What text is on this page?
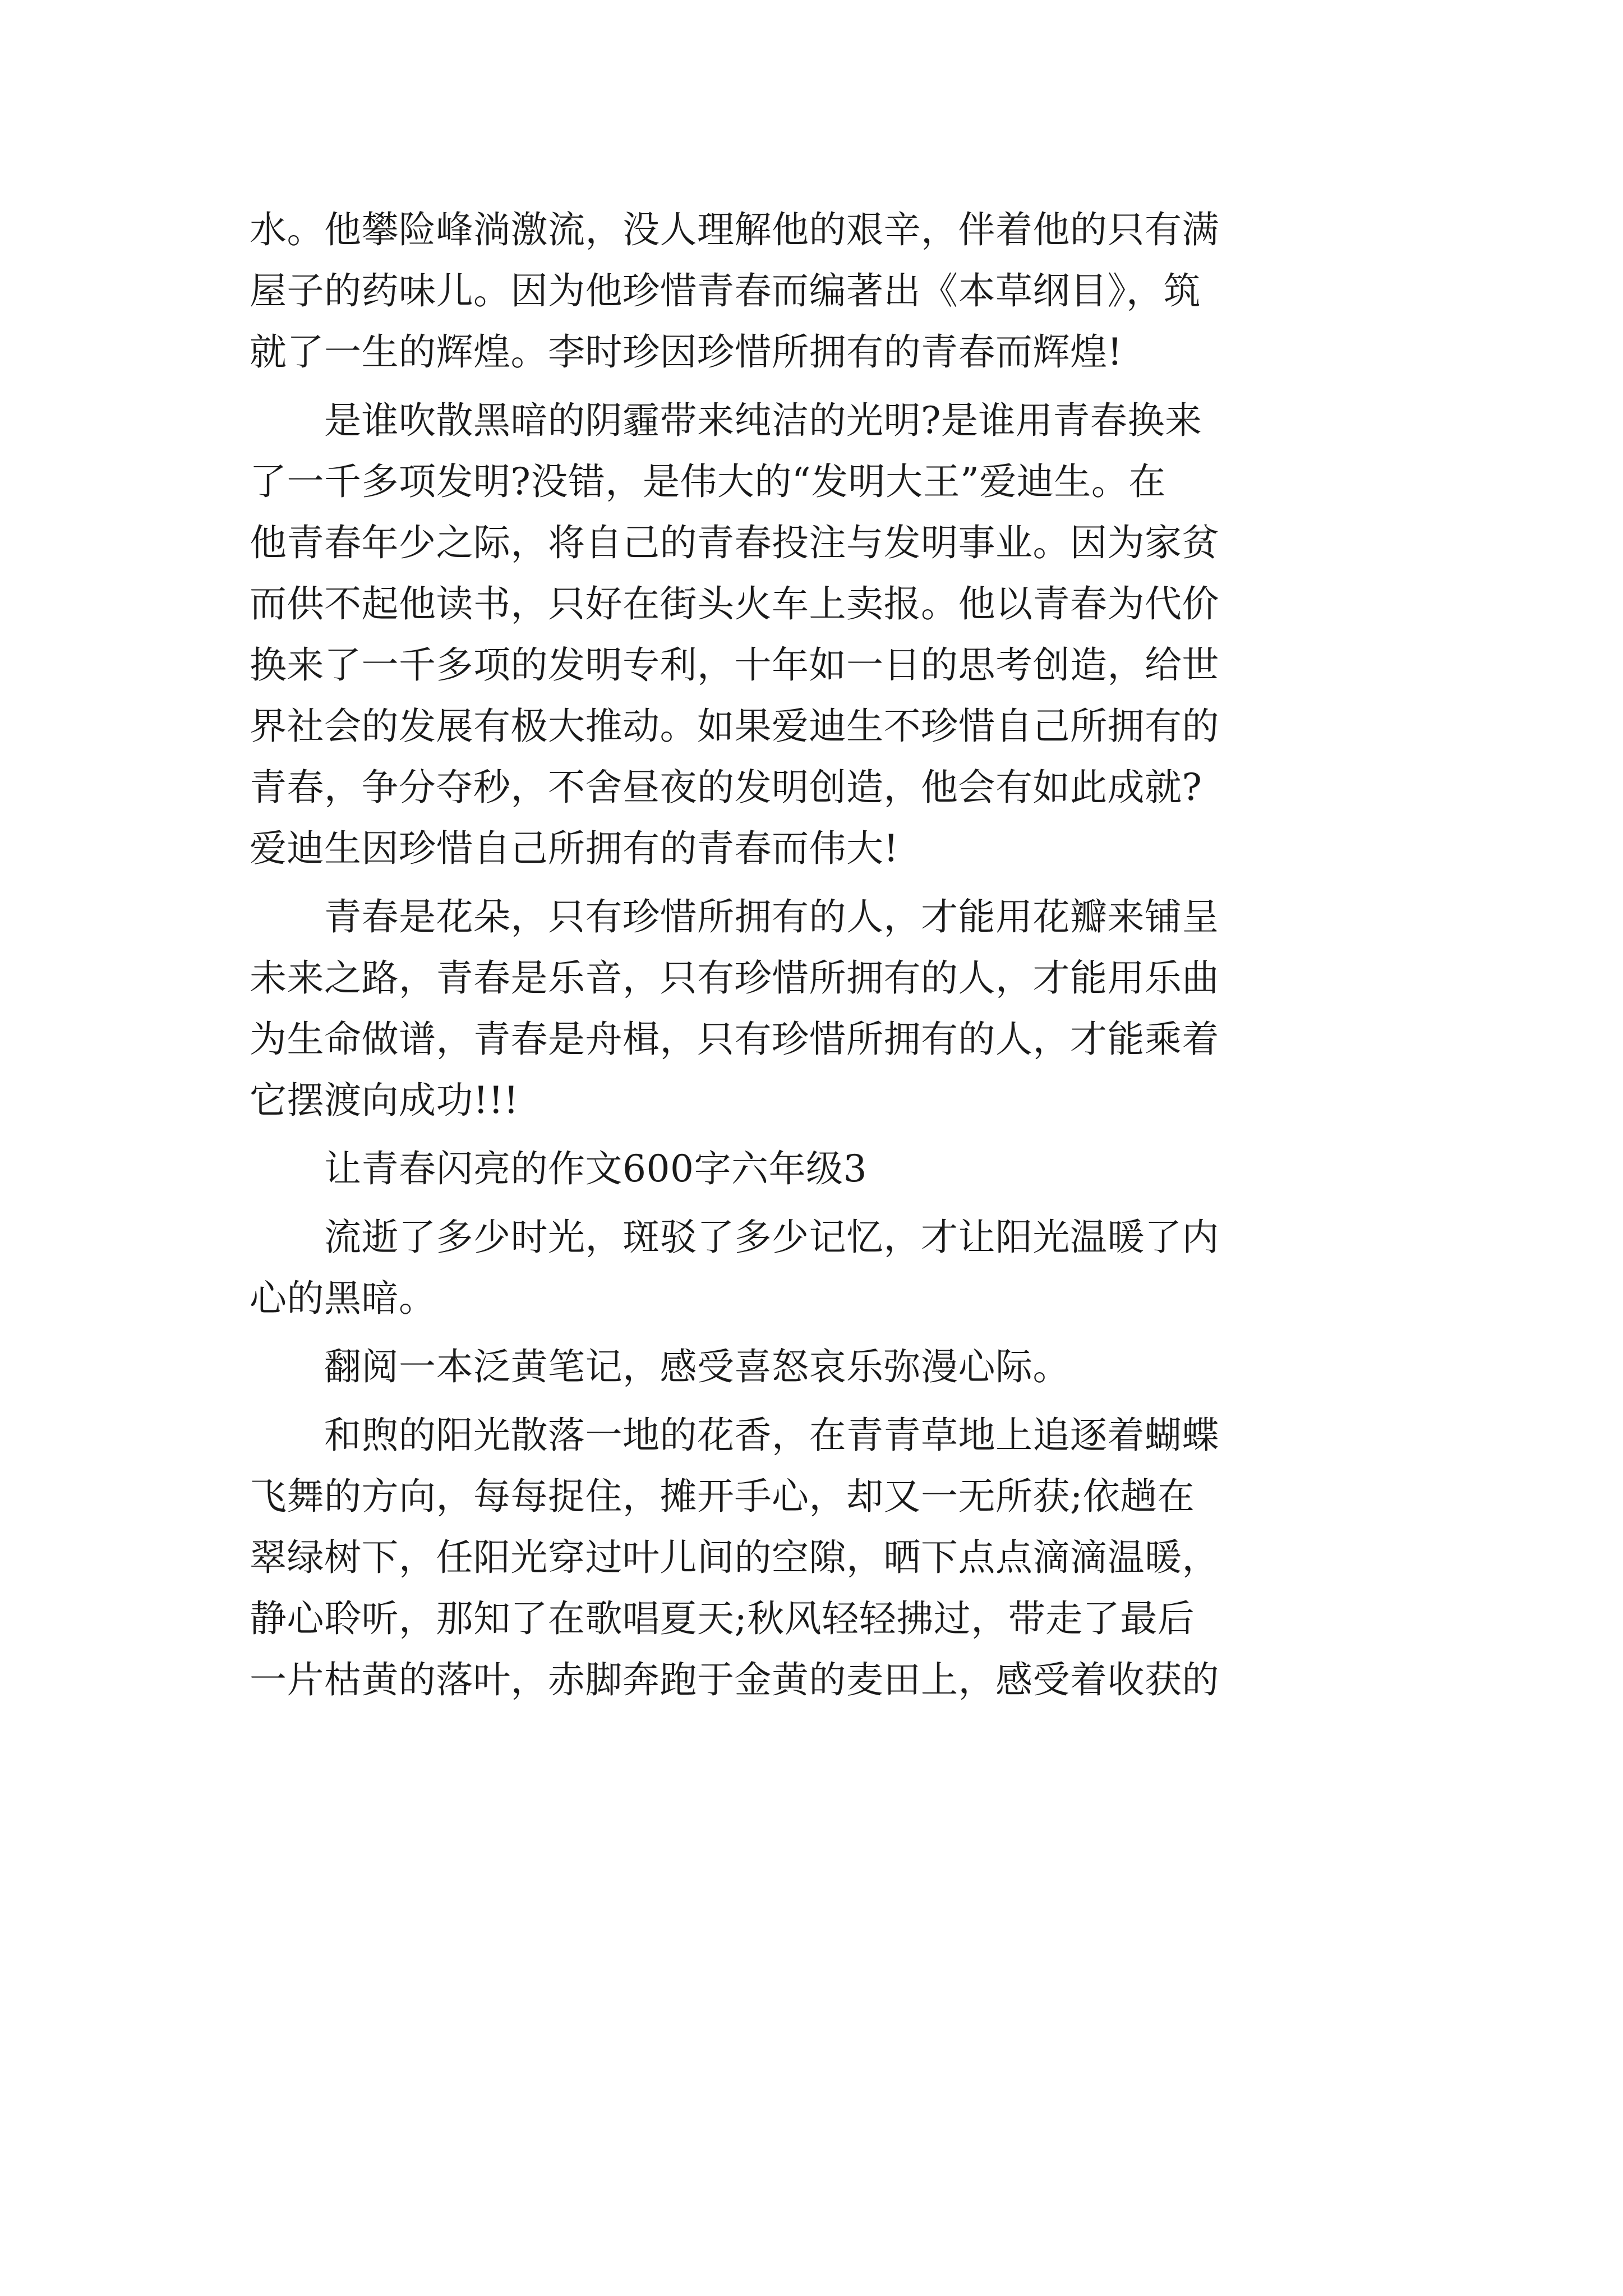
水。他攀险峰淌激流，没人理解他的艰辛，伴着他的只有满
屋子的药味儿。因为他珍惜青春而编著出《本草纲目》，筑
就了一生的辉煌。李时珍因珍惜所拥有的青春而辉煌!
　　是谁吹散黑暗的阴霾带来纯洁的光明?是谁用青春换来
了一千多项发明?没错，是伟大的“发明大王”爱迪生。在
他青春年少之际，将自己的青春投注与发明事业。因为家贫
而供不起他读书，只好在街头火车上卖报。他以青春为代价
换来了一千多项的发明专利，十年如一日的思考创造，给世
界社会的发展有极大推动。如果爱迪生不珍惜自己所拥有的
青春，争分夺秒，不舍昼夜的发明创造，他会有如此成就?
爱迪生因珍惜自己所拥有的青春而伟大!
　　青春是花朵，只有珍惜所拥有的人，才能用花瓣来铺呈
未来之路，青春是乐音，只有珍惜所拥有的人，才能用乐曲
为生命做谱，青春是舟楫，只有珍惜所拥有的人，才能乘着
它摆渡向成功!!!
　　让青春闪亮的作文600字六年级3
　　流逝了多少时光，斑驳了多少记忆，才让阳光温暖了内
心的黑暗。
　　翻阅一本泛黄笔记，感受喜怒哀乐弥漫心际。
　　和煦的阳光散落一地的花香，在青青草地上追逐着蝴蝶
飞舞的方向，每每捉住，摊开手心，却又一无所获;依趟在
翠绿树下，任阳光穿过叶儿间的空隙，晒下点点滴滴温暖，
静心聆听，那知了在歌唱夏天;秋风轻轻拂过，带走了最后
一片枯黄的落叶，赤脚奔跑于金黄的麦田上，感受着收获的
